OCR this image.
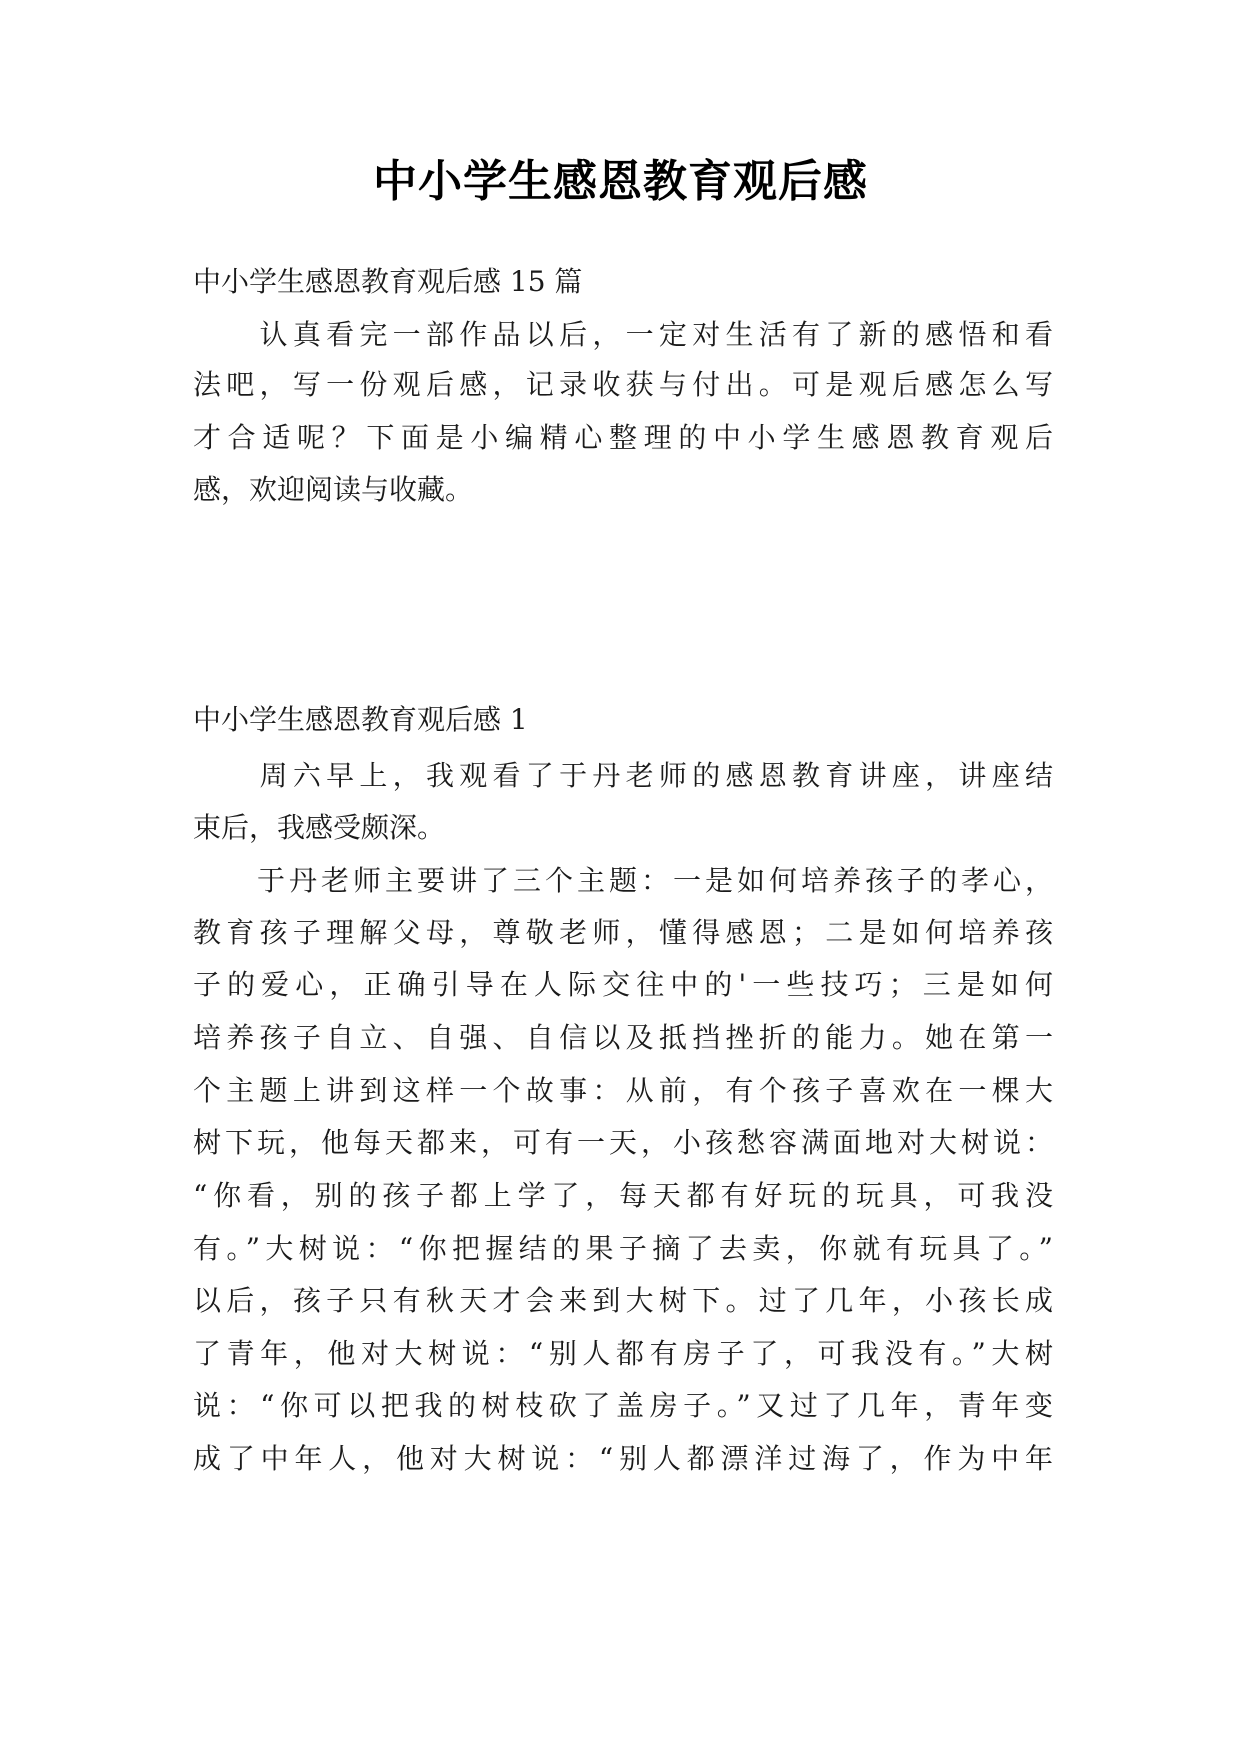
中小学生感恩教育观后感

中小学生感恩教育观后感 15 篇

　　认真看完一部作品以后，一定对生活有了新的感悟和看

法吧，写一份观后感，记录收获与付出。可是观后感怎么写

才合适呢？下面是小编精心整理的中小学生感恩教育观后

感，欢迎阅读与收藏。

中小学生感恩教育观后感 1

　　周六早上，我观看了于丹老师的感恩教育讲座，讲座结

束后，我感受颇深。

　　于丹老师主要讲了三个主题：一是如何培养孩子的孝心，

教育孩子理解父母，尊敬老师，懂得感恩；二是如何培养孩

子的爱心，正确引导在人际交往中的'一些技巧；三是如何

培养孩子自立、自强、自信以及抵挡挫折的能力。她在第一

个主题上讲到这样一个故事：从前，有个孩子喜欢在一棵大

树下玩，他每天都来，可有一天，小孩愁容满面地对大树说：

“你看，别的孩子都上学了，每天都有好玩的玩具，可我没

有。”大树说：“你把握结的果子摘了去卖，你就有玩具了。”

以后，孩子只有秋天才会来到大树下。过了几年，小孩长成

了青年，他对大树说：“别人都有房子了，可我没有。”大树

说：“你可以把我的树枝砍了盖房子。”又过了几年，青年变

成了中年人，他对大树说：“别人都漂洋过海了，作为中年
